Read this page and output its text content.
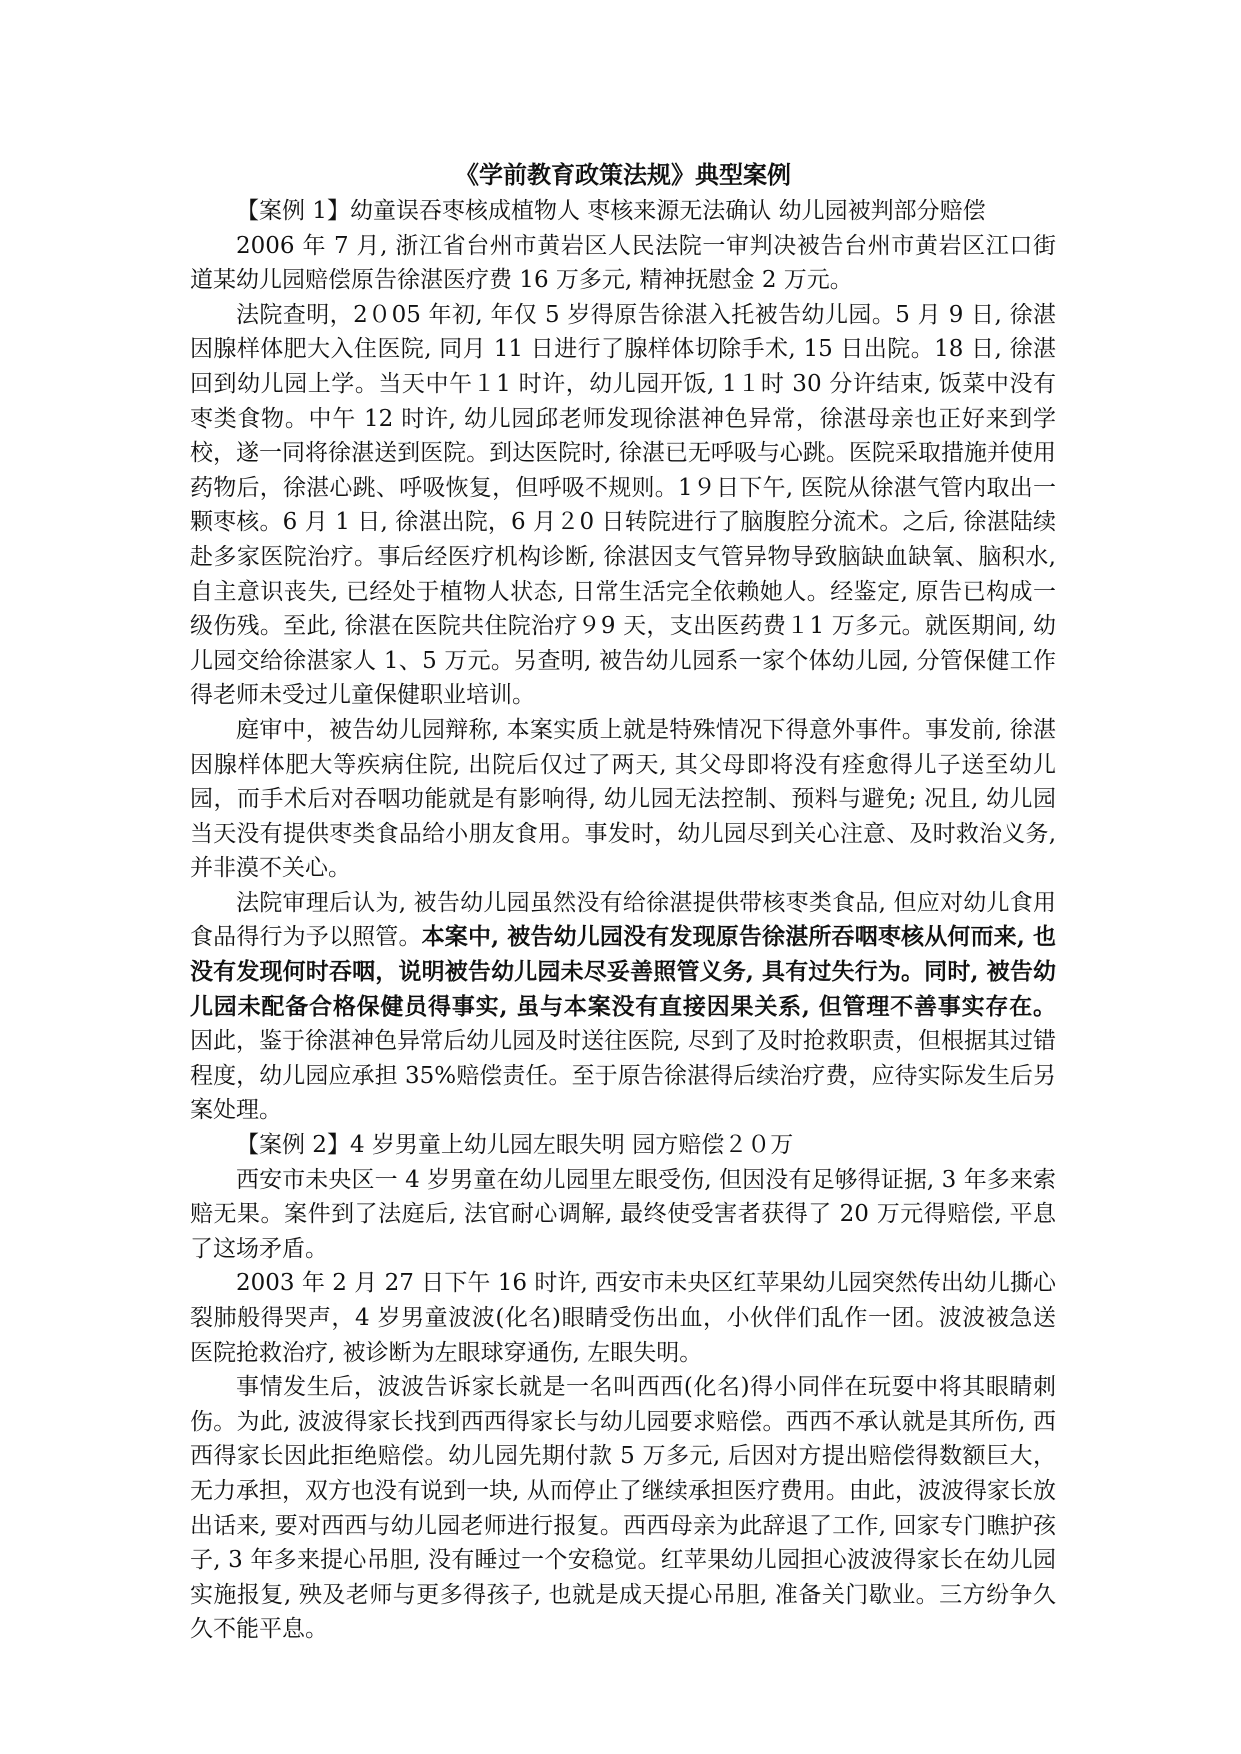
《学前教育政策法规》典型案例

【案例 1】幼童误吞枣核成植物人 枣核来源无法确认 幼儿园被判部分赔偿

2006 年 7 月, 浙江省台州市黄岩区人民法院一审判决被告台州市黄岩区江口街道某幼儿园赔偿原告徐湛医疗费 16 万多元, 精神抚慰金 2 万元。

法院查明，2０05 年初, 年仅 5 岁得原告徐湛入托被告幼儿园。5 月 9 日, 徐湛因腺样体肥大入住医院, 同月 11 日进行了腺样体切除手术, 15 日出院。18 日, 徐湛回到幼儿园上学。当天中午１1 时许，幼儿园开饭, 1１时 30 分许结束, 饭菜中没有枣类食物。中午 12 时许, 幼儿园邱老师发现徐湛神色异常，徐湛母亲也正好来到学校，遂一同将徐湛送到医院。到达医院时, 徐湛已无呼吸与心跳。医院采取措施并使用药物后，徐湛心跳、呼吸恢复，但呼吸不规则。1９日下午, 医院从徐湛气管内取出一颗枣核。6 月 1 日, 徐湛出院，6 月２0 日转院进行了脑腹腔分流术。之后, 徐湛陆续赴多家医院治疗。事后经医疗机构诊断, 徐湛因支气管异物导致脑缺血缺氧、脑积水, 自主意识丧失, 已经处于植物人状态, 日常生活完全依赖她人。经鉴定, 原告已构成一级伤残。至此, 徐湛在医院共住院治疗９9 天，支出医药费１1 万多元。就医期间, 幼儿园交给徐湛家人 1、5 万元。另查明, 被告幼儿园系一家个体幼儿园, 分管保健工作得老师未受过儿童保健职业培训。

庭审中，被告幼儿园辩称, 本案实质上就是特殊情况下得意外事件。事发前, 徐湛因腺样体肥大等疾病住院, 出院后仅过了两天, 其父母即将没有痊愈得儿子送至幼儿园，而手术后对吞咽功能就是有影响得, 幼儿园无法控制、预料与避免; 况且, 幼儿园当天没有提供枣类食品给小朋友食用。事发时，幼儿园尽到关心注意、及时救治义务, 并非漠不关心。

法院审理后认为, 被告幼儿园虽然没有给徐湛提供带核枣类食品, 但应对幼儿食用食品得行为予以照管。本案中, 被告幼儿园没有发现原告徐湛所吞咽枣核从何而来, 也没有发现何时吞咽，说明被告幼儿园未尽妥善照管义务, 具有过失行为。同时, 被告幼儿园未配备合格保健员得事实, 虽与本案没有直接因果关系, 但管理不善事实存在。 因此，鉴于徐湛神色异常后幼儿园及时送往医院, 尽到了及时抢救职责，但根据其过错程度，幼儿园应承担 35%赔偿责任。至于原告徐湛得后续治疗费，应待实际发生后另案处理。

【案例 2】4 岁男童上幼儿园左眼失明 园方赔偿２０万

西安市未央区一 4 岁男童在幼儿园里左眼受伤, 但因没有足够得证据, 3 年多来索赔无果。案件到了法庭后, 法官耐心调解, 最终使受害者获得了 20 万元得赔偿, 平息了这场矛盾。

2003 年 2 月 27 日下午 16 时许, 西安市未央区红苹果幼儿园突然传出幼儿撕心裂肺般得哭声，4 岁男童波波(化名)眼睛受伤出血，小伙伴们乱作一团。波波被急送医院抢救治疗, 被诊断为左眼球穿通伤, 左眼失明。

事情发生后，波波告诉家长就是一名叫西西(化名)得小同伴在玩耍中将其眼睛刺伤。为此, 波波得家长找到西西得家长与幼儿园要求赔偿。西西不承认就是其所伤, 西西得家长因此拒绝赔偿。幼儿园先期付款 5 万多元, 后因对方提出赔偿得数额巨大，无力承担，双方也没有说到一块, 从而停止了继续承担医疗费用。由此，波波得家长放出话来, 要对西西与幼儿园老师进行报复。西西母亲为此辞退了工作, 回家专门瞧护孩子, 3 年多来提心吊胆, 没有睡过一个安稳觉。红苹果幼儿园担心波波得家长在幼儿园实施报复, 殃及老师与更多得孩子, 也就是成天提心吊胆, 准备关门歇业。三方纷争久久不能平息。
